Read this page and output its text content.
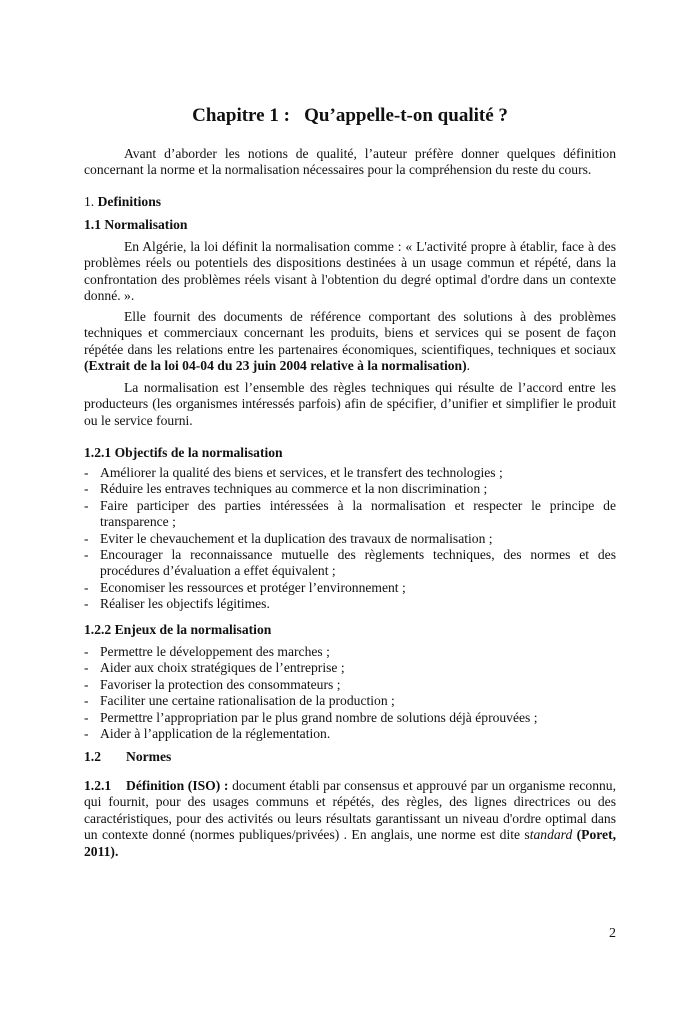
Chapitre 1 :   Qu’appelle-t-on qualité ?

Avant d’aborder les notions de qualité, l’auteur préfère donner quelques définition concernant la norme et la normalisation nécessaires pour la compréhension du reste du cours.

1. Definitions

1.1 Normalisation

En Algérie, la loi définit la normalisation comme : « L'activité propre à établir, face à des problèmes réels ou potentiels des dispositions destinées à un usage commun et répété, dans la confrontation des problèmes réels visant à l'obtention du degré optimal d'ordre dans un contexte donné. ».

Elle fournit des documents de référence comportant des solutions à des problèmes techniques et commerciaux concernant les produits, biens et services qui se posent de façon répétée dans les relations entre les partenaires économiques, scientifiques, techniques et sociaux (Extrait de la loi 04-04 du 23 juin 2004 relative à la normalisation).

La normalisation est l’ensemble des règles techniques qui résulte de l’accord entre les producteurs (les organismes intéressés parfois) afin de spécifier, d’unifier et simplifier le produit ou le service fourni.

1.2.1 Objectifs de la normalisation

- Améliorer la qualité des biens et services, et le transfert des technologies ;
- Réduire les entraves techniques au commerce et la non discrimination ;
- Faire participer des parties intéressées à la normalisation et respecter le principe de transparence ;
- Eviter le chevauchement et la duplication des travaux de normalisation ;
- Encourager la reconnaissance mutuelle des règlements techniques, des normes et des procédures d’évaluation a effet équivalent ;
- Economiser les ressources et protéger l’environnement ;
- Réaliser les objectifs légitimes.

1.2.2 Enjeux de la normalisation

- Permettre le développement des marches ;
- Aider aux choix stratégiques de l’entreprise ;
- Favoriser la protection des consommateurs ;
- Faciliter une certaine rationalisation de la production ;
- Permettre l’appropriation par le plus grand nombre de solutions déjà éprouvées ;
- Aider à l’application de la réglementation.

1.2 Normes

1.2.1 Définition (ISO) : document établi par consensus et approuvé par un organisme reconnu, qui fournit, pour des usages communs et répétés, des règles, des lignes directrices ou des caractéristiques, pour des activités ou leurs résultats garantissant un niveau d'ordre optimal dans un contexte donné (normes publiques/privées) . En anglais, une norme est dite standard (Poret, 2011).

2
